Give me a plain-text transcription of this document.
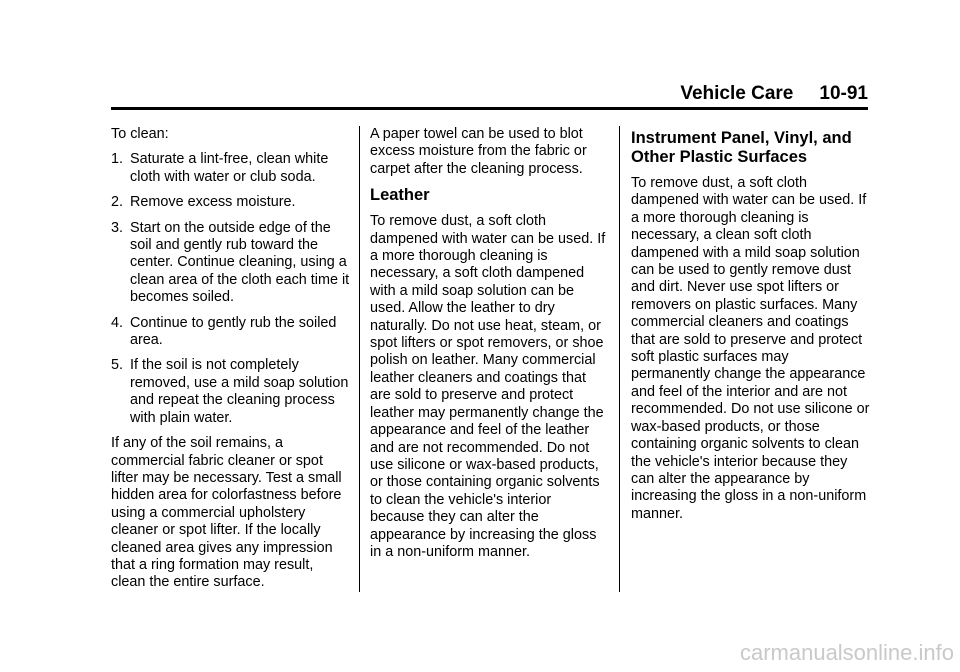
Vehicle Care 10-91

To clean:

1. Saturate a lint-free, clean white cloth with water or club soda.
2. Remove excess moisture.
3. Start on the outside edge of the soil and gently rub toward the center. Continue cleaning, using a clean area of the cloth each time it becomes soiled.
4. Continue to gently rub the soiled area.
5. If the soil is not completely removed, use a mild soap solution and repeat the cleaning process with plain water.

If any of the soil remains, a commercial fabric cleaner or spot lifter may be necessary. Test a small hidden area for colorfastness before using a commercial upholstery cleaner or spot lifter. If the locally cleaned area gives any impression that a ring formation may result, clean the entire surface.

A paper towel can be used to blot excess moisture from the fabric or carpet after the cleaning process.

Leather

To remove dust, a soft cloth dampened with water can be used. If a more thorough cleaning is necessary, a soft cloth dampened with a mild soap solution can be used. Allow the leather to dry naturally. Do not use heat, steam, or spot lifters or spot removers, or shoe polish on leather. Many commercial leather cleaners and coatings that are sold to preserve and protect leather may permanently change the appearance and feel of the leather and are not recommended. Do not use silicone or wax-based products, or those containing organic solvents to clean the vehicle's interior because they can alter the appearance by increasing the gloss in a non-uniform manner.

Instrument Panel, Vinyl, and Other Plastic Surfaces

To remove dust, a soft cloth dampened with water can be used. If a more thorough cleaning is necessary, a clean soft cloth dampened with a mild soap solution can be used to gently remove dust and dirt. Never use spot lifters or removers on plastic surfaces. Many commercial cleaners and coatings that are sold to preserve and protect soft plastic surfaces may permanently change the appearance and feel of the interior and are not recommended. Do not use silicone or wax-based products, or those containing organic solvents to clean the vehicle's interior because they can alter the appearance by increasing the gloss in a non-uniform manner.

carmanualsonline.info
